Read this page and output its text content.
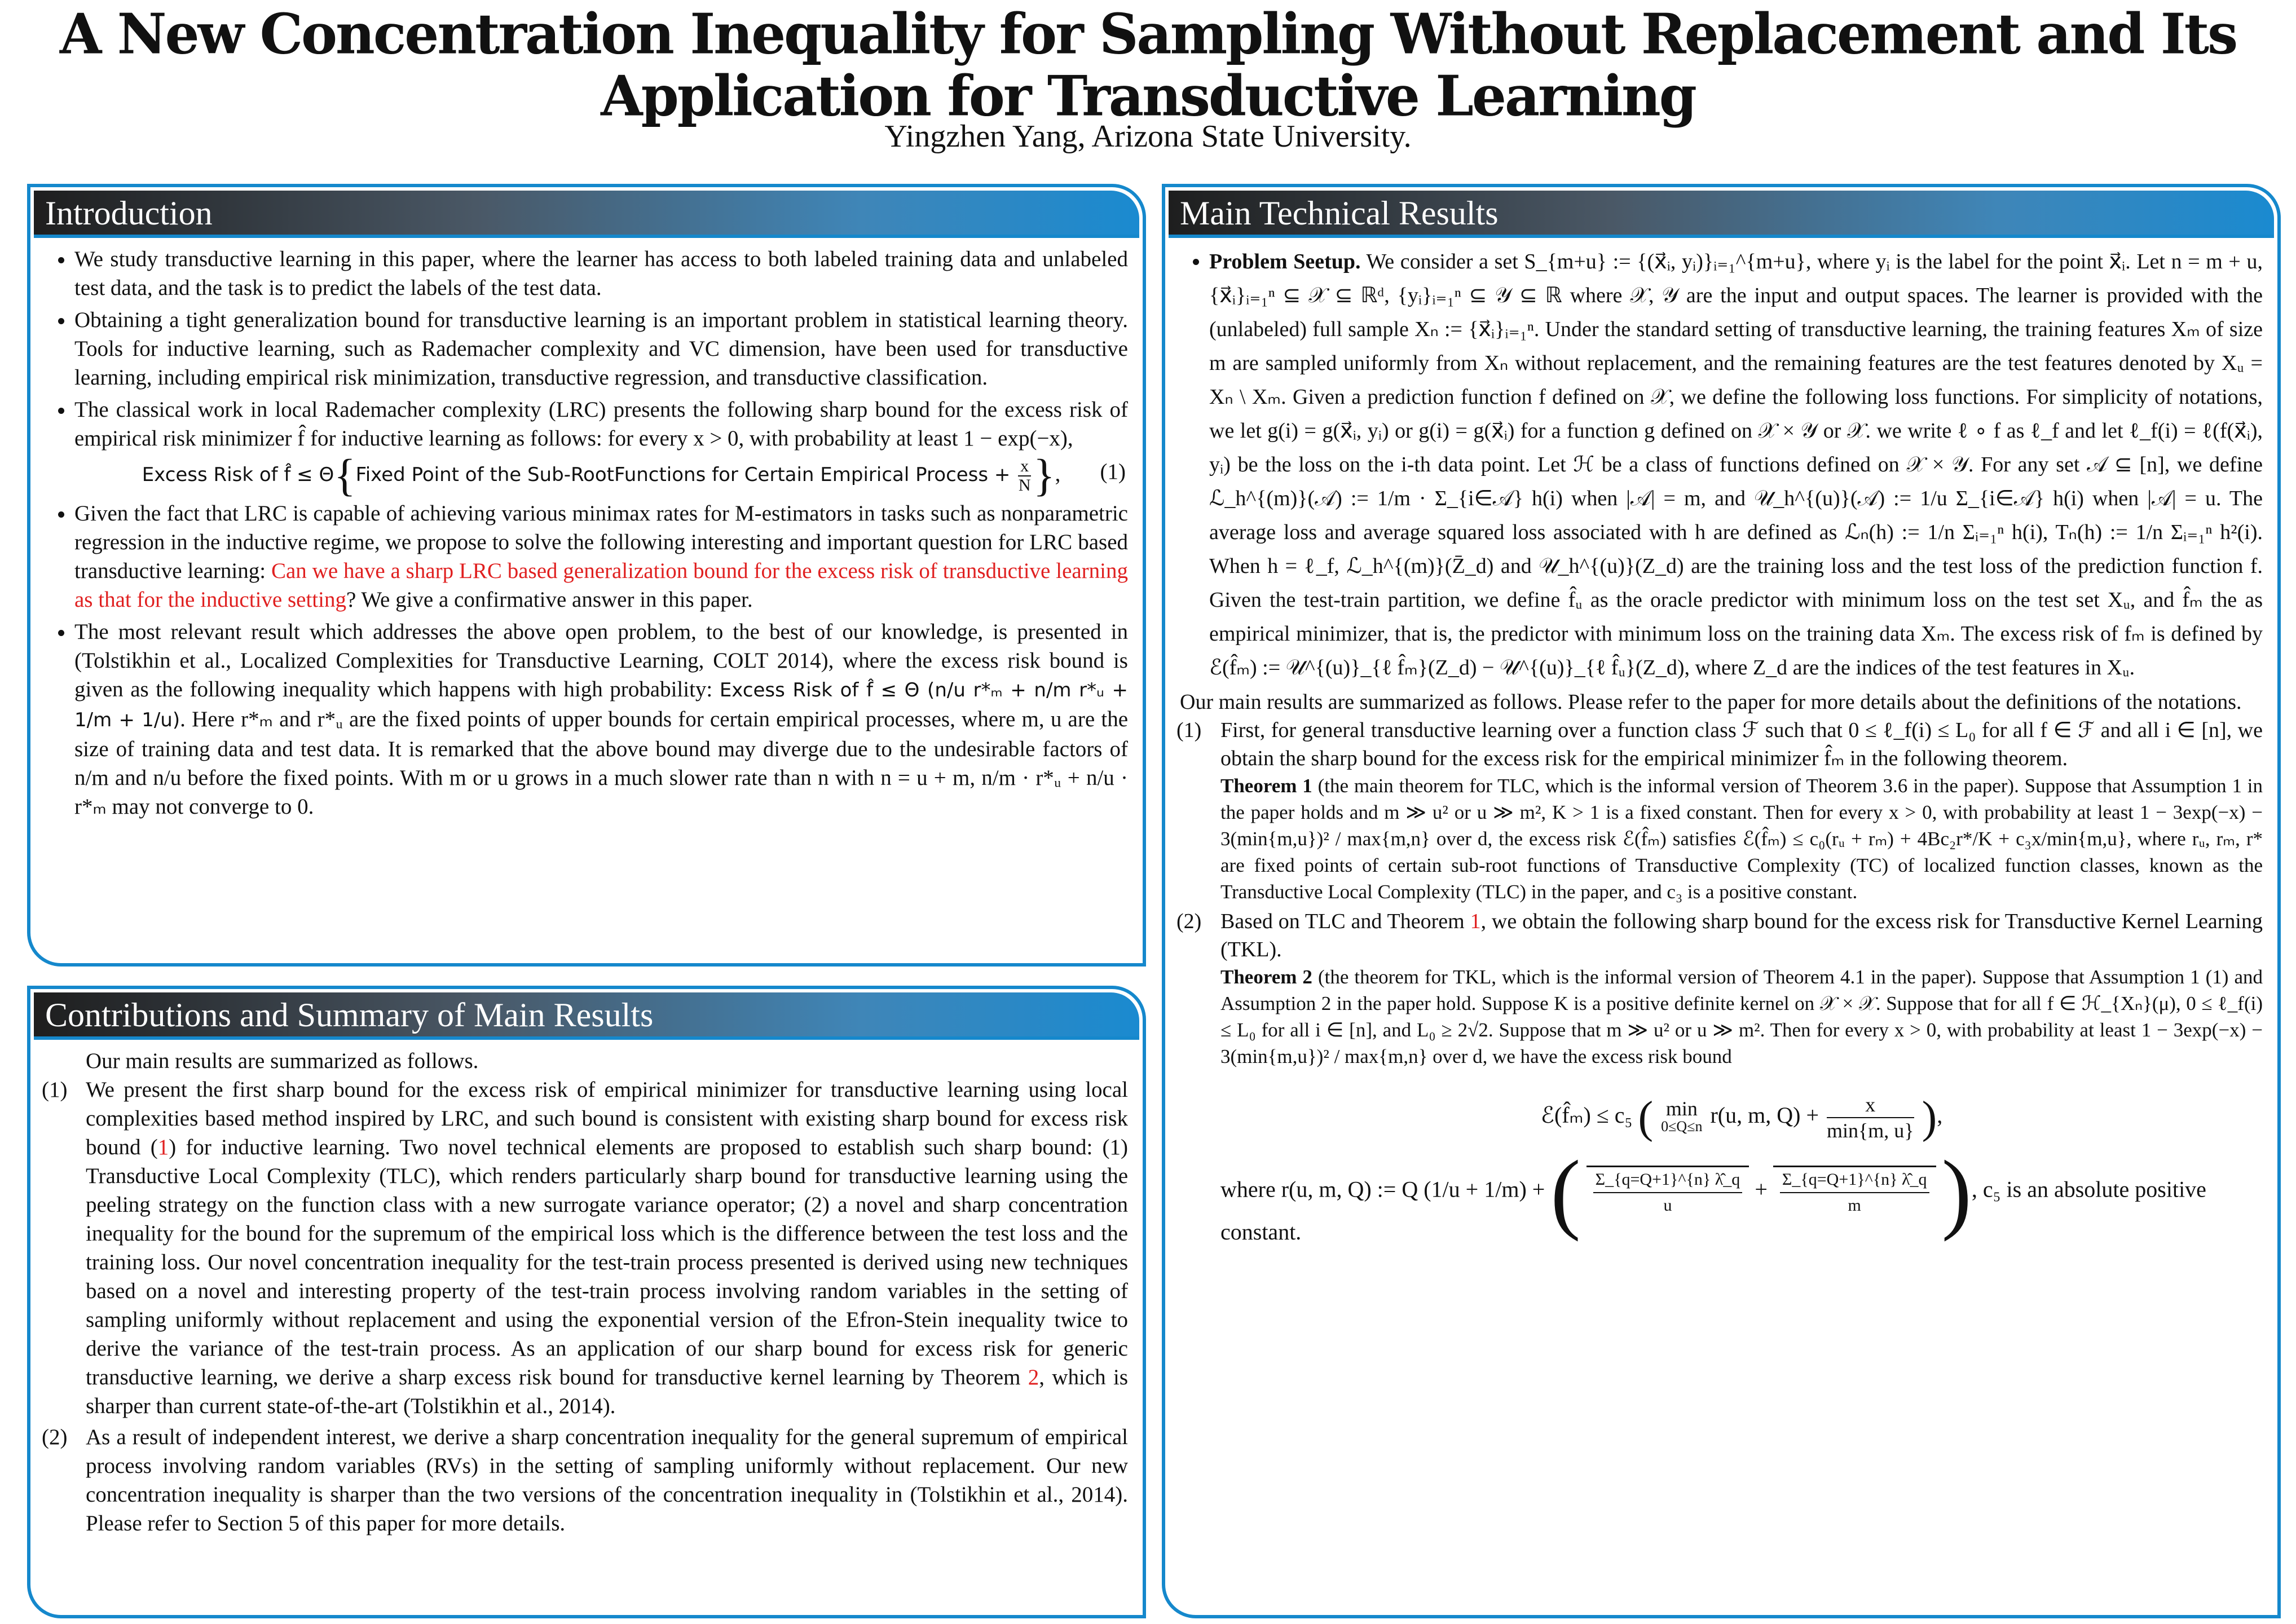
A New Concentration Inequality for Sampling Without Replacement and Its
Application for Transductive Learning
Yingzhen Yang, Arizona State University.
Introduction
• We study transductive learning in this paper, where the learner has access to both labeled training data and unlabeled test data, and the task is to predict the labels of the test data.
• Obtaining a tight generalization bound for transductive learning is an important problem in statistical learning theory. Tools for inductive learning, such as Rademacher complexity and VC dimension, have been used for transductive learning, including empirical risk minimization, transductive regression, and transductive classification.
• The classical work in local Rademacher complexity (LRC) presents the following sharp bound for the excess risk of empirical risk minimizer f̂ for inductive learning as follows: for every x > 0, with probability at least 1 − exp(−x),
Excess Risk of f̂ ≤ Θ{Fixed Point of the Sub-RootFunctions for Certain Empirical Process + $\frac{x}{N}$ }, (1)
• Given the fact that LRC is capable of achieving various minimax rates for M-estimators in tasks such as nonparametric regression in the inductive regime, we propose to solve the following interesting and important question for LRC based transductive learning: Can we have a sharp LRC based generalization bound for the excess risk of transductive learning as that for the inductive setting? We give a confirmative answer in this paper.
• The most relevant result which addresses the above open problem, to the best of our knowledge, is presented in (Tolstikhin et al., Localized Complexities for Transductive Learning, COLT 2014), where the excess risk bound is given as the following inequality which happens with high probability: Excess Risk of f̂ ≤ Θ (n/u r*ₘ + n/m r*ᵤ + 1/m + 1/u). Here r*ₘ and r*ᵤ are the fixed points of upper bounds for certain empirical processes, where m, u are the size of training data and test data. It is remarked that the above bound may diverge due to the undesirable factors of n/m and n/u before the fixed points. With m or u grows in a much slower rate than n with n = u + m, n/m · r*ᵤ + n/u · r*ₘ may not converge to 0.
Contributions and Summary of Main Results
Our main results are summarized as follows.
(1) We present the first sharp bound for the excess risk of empirical minimizer for transductive learning using local complexities based method inspired by LRC, and such bound is consistent with existing sharp bound for excess risk bound (1) for inductive learning. Two novel technical elements are proposed to establish such sharp bound: (1) Transductive Local Complexity (TLC), which renders particularly sharp bound for transductive learning using the peeling strategy on the function class with a new surrogate variance operator; (2) a novel and sharp concentration inequality for the bound for the supremum of the empirical loss which is the difference between the test loss and the training loss. Our novel concentration inequality for the test-train process presented is derived using new techniques based on a novel and interesting property of the test-train process involving random variables in the setting of sampling uniformly without replacement and using the exponential version of the Efron-Stein inequality twice to derive the variance of the test-train process. As an application of our sharp bound for excess risk for generic transductive learning, we derive a sharp excess risk bound for transductive kernel learning by Theorem 2, which is sharper than current state-of-the-art (Tolstikhin et al., 2014).
(2) As a result of independent interest, we derive a sharp concentration inequality for the general supremum of empirical process involving random variables (RVs) in the setting of sampling uniformly without replacement. Our new concentration inequality is sharper than the two versions of the concentration inequality in (Tolstikhin et al., 2014). Please refer to Section 5 of this paper for more details.
Main Technical Results
• Problem Seetup. We consider a set S_{m+u} := {(x⃗ᵢ, yᵢ)}ᵢ₌₁^{m+u}, where yᵢ is the label for the point x⃗ᵢ. Let n = m + u, {x⃗ᵢ}ᵢ₌₁ⁿ ⊆ 𝒳 ⊆ ℝᵈ, {yᵢ}ᵢ₌₁ⁿ ⊆ 𝒴 ⊆ ℝ where 𝒳, 𝒴 are the input and output spaces. The learner is provided with the (unlabeled) full sample Xₙ := {x⃗ᵢ}ᵢ₌₁ⁿ. Under the standard setting of transductive learning, the training features Xₘ of size m are sampled uniformly from Xₙ without replacement, and the remaining features are the test features denoted by Xᵤ = Xₙ \ Xₘ. Given a prediction function f defined on 𝒳, we define the following loss functions. For simplicity of notations, we let g(i) = g(x⃗ᵢ, yᵢ) or g(i) = g(x⃗ᵢ) for a function g defined on 𝒳 × 𝒴 or 𝒳. we write ℓ ∘ f as ℓ_f and let ℓ_f(i) = ℓ(f(x⃗ᵢ), yᵢ) be the loss on the i-th data point. Let ℋ be a class of functions defined on 𝒳 × 𝒴. For any set 𝒜 ⊆ [n], we define ℒ_h^{(m)}(𝒜) := 1/m · Σ_{i∈𝒜} h(i) when |𝒜| = m, and 𝒰_h^{(u)}(𝒜) := 1/u Σ_{i∈𝒜} h(i) when |𝒜| = u. The average loss and average squared loss associated with h are defined as ℒₙ(h) := 1/n Σᵢ₌₁ⁿ h(i), Tₙ(h) := 1/n Σᵢ₌₁ⁿ h²(i). When h = ℓ_f, ℒ_h^{(m)}(Z̄_d) and 𝒰_h^{(u)}(Z_d) are the training loss and the test loss of the prediction function f. Given the test-train partition, we define f̂ᵤ as the oracle predictor with minimum loss on the test set Xᵤ, and f̂ₘ the as empirical minimizer, that is, the predictor with minimum loss on the training data Xₘ. The excess risk of fₘ is defined by ℰ(f̂ₘ) := 𝒰^{(u)}_{ℓ f̂ₘ}(Z_d) − 𝒰^{(u)}_{ℓ f̂ᵤ}(Z_d), where Z_d are the indices of the test features in Xᵤ.
Our main results are summarized as follows. Please refer to the paper for more details about the definitions of the notations.
(1) First, for general transductive learning over a function class ℱ such that 0 ≤ ℓ_f(i) ≤ L₀ for all f ∈ ℱ and all i ∈ [n], we obtain the sharp bound for the excess risk for the empirical minimizer f̂ₘ in the following theorem.
Theorem 1 (the main theorem for TLC, which is the informal version of Theorem 3.6 in the paper). Suppose that Assumption 1 in the paper holds and m ≫ u² or u ≫ m², K > 1 is a fixed constant. Then for every x > 0, with probability at least 1 − 3exp(−x) − 3(min{m,u})² / max{m,n} over d, the excess risk ℰ(f̂ₘ) satisfies ℰ(f̂ₘ) ≤ c₀(rᵤ + rₘ) + 4Bc₂r*/K + c₃x/min{m,u}, where rᵤ, rₘ, r* are fixed points of certain sub-root functions of Transductive Complexity (TC) of localized function classes, known as the Transductive Local Complexity (TLC) in the paper, and c₃ is a positive constant.
(2) Based on TLC and Theorem 1, we obtain the following sharp bound for the excess risk for Transductive Kernel Learning (TKL).
Theorem 2 (the theorem for TKL, which is the informal version of Theorem 4.1 in the paper). Suppose that Assumption 1 (1) and Assumption 2 in the paper hold. Suppose K is a positive definite kernel on 𝒳 × 𝒳. Suppose that for all f ∈ ℋ_{Xₙ}(μ), 0 ≤ ℓ_f(i) ≤ L₀ for all i ∈ [n], and L₀ ≥ 2√2. Suppose that m ≫ u² or u ≫ m². Then for every x > 0, with probability at least 1 − 3exp(−x) − 3(min{m,u})² / max{m,n} over d, we have the excess risk bound
ℰ(f̂ₘ) ≤ c₅ ( min
0≤Q≤n r(u, m, $Q) + \frac{x}{\min\{m, u\}}$ ),
where r(u, m, Q) := Q (1/u + 1/m) + ( $\frac{\Sigma\_\{q=Q+1\}\^{}\{n\} \lambdâ\_q}{u} + \frac{\Sigma\_\{q=Q+1\}\^{}\{n\} \lambdâ\_q}{m}$ ), c₅ is an absolute positive constant.
